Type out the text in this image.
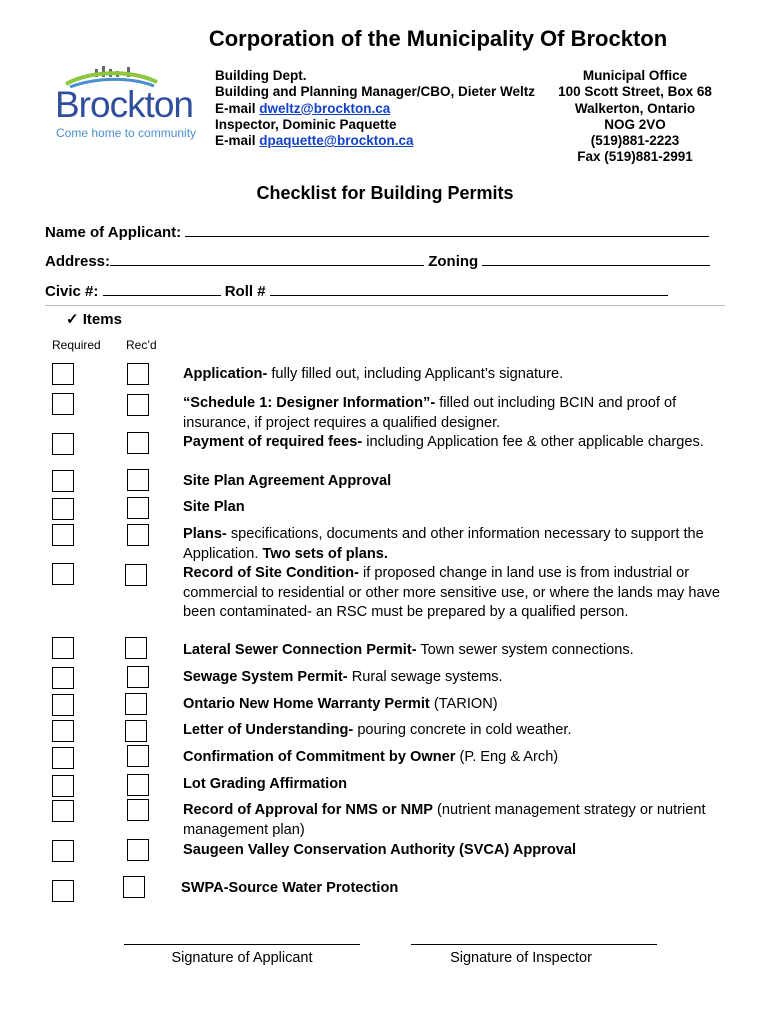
Corporation of the Municipality Of Brockton
Brockton
Come home to community
Building Dept.
Building and Planning Manager/CBO, Dieter Weltz
E-mail dweltz@brockton.ca
Inspector, Dominic Paquette
E-mail dpaquette@brockton.ca
Municipal Office
100 Scott Street, Box 68
Walkerton, Ontario
NOG 2VO
(519)881-2223
Fax (519)881-2991
Checklist for Building Permits
Name of Applicant:
Address:	Zoning
Civic #:	Roll #
✓ Items
Required Rec’d
Application- fully filled out, including Applicant’s signature.
“Schedule 1: Designer Information”- filled out including BCIN and proof of insurance, if project requires a qualified designer.
Payment of required fees- including Application fee & other applicable charges.
Site Plan Agreement Approval
Site Plan
Plans- specifications, documents and other information necessary to support the Application. Two sets of plans.
Record of Site Condition- if proposed change in land use is from industrial or commercial to residential or other more sensitive use, or where the lands may have been contaminated- an RSC must be prepared by a qualified person.
Lateral Sewer Connection Permit- Town sewer system connections.
Sewage System Permit- Rural sewage systems.
Ontario New Home Warranty Permit (TARION)
Letter of Understanding- pouring concrete in cold weather.
Confirmation of Commitment by Owner (P. Eng & Arch)
Lot Grading Affirmation
Record of Approval for NMS or NMP (nutrient management strategy or nutrient management plan)
Saugeen Valley Conservation Authority (SVCA) Approval
SWPA-Source Water Protection
Signature of Applicant	Signature of Inspector
